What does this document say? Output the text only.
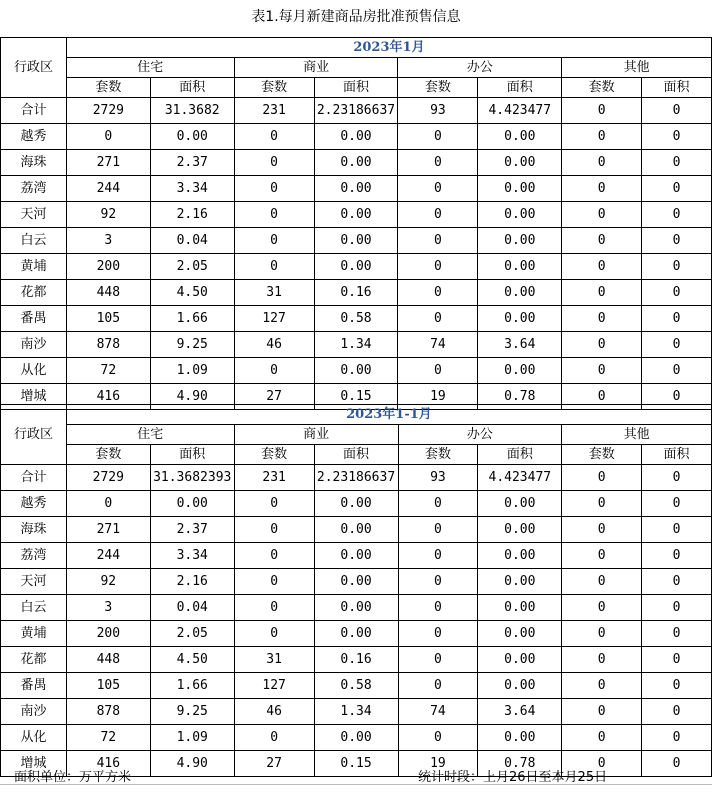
表1.每月新建商品房批准预售信息
行政区	2023年1月							
	住宅		商业		办公		其他	
	套数	面积	套数	面积	套数	面积	套数	面积
合计	2729	31.3682	231	2.23186637	93	4.423477	0	0
越秀	0	0.00	0	0.00	0	0.00	0	0
海珠	271	2.37	0	0.00	0	0.00	0	0
荔湾	244	3.34	0	0.00	0	0.00	0	0
天河	92	2.16	0	0.00	0	0.00	0	0
白云	3	0.04	0	0.00	0	0.00	0	0
黄埔	200	2.05	0	0.00	0	0.00	0	0
花都	448	4.50	31	0.16	0	0.00	0	0
番禺	105	1.66	127	0.58	0	0.00	0	0
南沙	878	9.25	46	1.34	74	3.64	0	0
从化	72	1.09	0	0.00	0	0.00	0	0
增城	416	4.90	27	0.15	19	0.78	0	0
行政区	2023年1-1月							
	住宅		商业		办公		其他	
	套数	面积	套数	面积	套数	面积	套数	面积
合计	2729	31.3682393	231	2.23186637	93	4.423477	0	0
越秀	0	0.00	0	0.00	0	0.00	0	0
海珠	271	2.37	0	0.00	0	0.00	0	0
荔湾	244	3.34	0	0.00	0	0.00	0	0
天河	92	2.16	0	0.00	0	0.00	0	0
白云	3	0.04	0	0.00	0	0.00	0	0
黄埔	200	2.05	0	0.00	0	0.00	0	0
花都	448	4.50	31	0.16	0	0.00	0	0
番禺	105	1.66	127	0.58	0	0.00	0	0
南沙	878	9.25	46	1.34	74	3.64	0	0
从化	72	1.09	0	0.00	0	0.00	0	0
增城	416	4.90	27	0.15	19	0.78	0	0
面积单位：万平方米	统计时段：上月26日至本月25日
